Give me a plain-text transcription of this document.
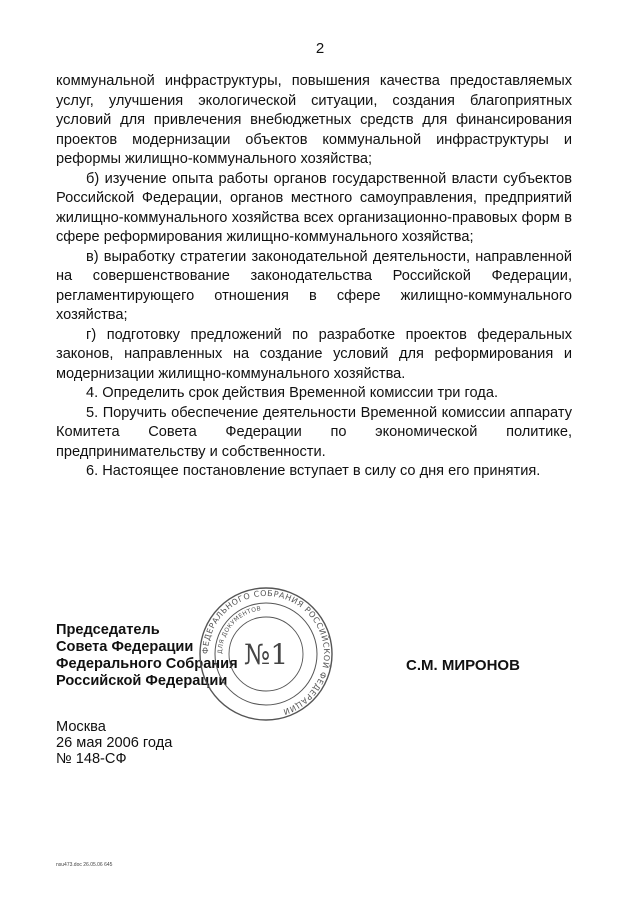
2

коммунальной инфраструктуры, повышения качества предоставляемых услуг, улучшения экологической ситуации, создания благоприятных условий для привлечения внебюджетных средств для финансирования проектов модернизации объектов коммунальной инфраструктуры и реформы жилищно-коммунального хозяйства;

б) изучение опыта работы органов государственной власти субъектов Российской Федерации, органов местного самоуправления, предприятий жилищно-коммунального хозяйства всех организационно-правовых форм в сфере реформирования жилищно-коммунального хозяйства;

в) выработку стратегии законодательной деятельности, направленной на совершенствование законодательства Российской Федерации, регламентирующего отношения в сфере жилищно-коммунального хозяйства;

г) подготовку предложений по разработке проектов федеральных законов, направленных на создание условий для реформирования и модернизации жилищно-коммунального хозяйства.

4. Определить срок действия Временной комиссии три года.

5. Поручить обеспечение деятельности Временной комиссии аппарату Комитета Совета Федерации по экономической политике, предпринимательству и собственности.

6. Настоящее постановление вступает в силу со дня его принятия.

Председатель
Совета Федерации
Федерального Собрания
Российской Федерации
ФЕДЕРАЛЬНОГО СОБРАНИЯ РОССИЙСКОЙ ФЕДЕРАЦИИ
ДЛЯ ДОКУМЕНТОВ
№1	С.М. МИРОНОВ
Москва
26 мая 2006 года
№ 148-СФ
nsu473.doc 26.05.06 645
